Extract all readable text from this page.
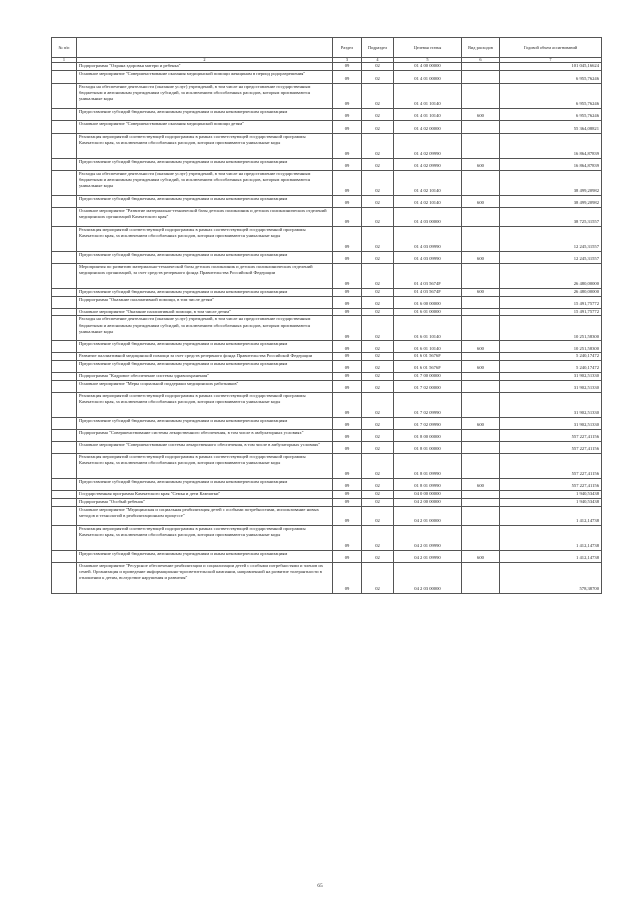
№ п/п		Раздел	Подраздел	Целевая статья	Вид расходов	Годовой объем ассигнований
1	2	3	4	5	6	7
	Подпрограмма "Охрана здоровья матери и ребенка"	09	02	01 4 00 00000		101 045,16624
	Основное мероприятие "Совершенствование оказания медицинской помощи женщинам в период родоразрешения"	09	02	01 4 01 00000		6 955,76246
	Расходы на обеспечение деятельности (оказание услуг) учреждений, в том числе на предоставление государственным бюджетным и автономным учреждениям субсидий, за исключением обособленных расходов, которым присваиваются уникальные коды	09	02	01 4 01 10140		6 955,76246
	Предоставление субсидий бюджетным, автономным учреждениям и иным некоммерческим организациям	09	02	01 4 01 10140	600	6 955,76246
	Основное мероприятие "Совершенствование оказания медицинской помощи детям"	09	02	01 4 02 00000		55 364,08821
	Реализация мероприятий соответствующей подпрограммы в рамках соответствующей государственной программы Камчатского края, за исключением обособленных расходов, которым присваиваются уникальные коды	09	02	01 4 02 09990		16 864,87839
	Предоставление субсидий бюджетным, автономным учреждениям и иным некоммерческим организациям	09	02	01 4 02 09990	600	16 864,87839
	Расходы на обеспечение деятельности (оказание услуг) учреждений, в том числе на предоставление государственным бюджетным и автономным учреждениям субсидий, за исключением обособленных расходов, которым присваиваются уникальные коды	09	02	01 4 02 10140		38 499,20982
	Предоставление субсидий бюджетным, автономным учреждениям и иным некоммерческим организациям	09	02	01 4 02 10140	600	38 499,20982
	Основное мероприятие "Развитие материально-технической базы детских поликлиник и детских поликлинических отделений медицинских организаций Камчатского края"	09	02	01 4 03 00000		38 725,31557
	Реализация мероприятий соответствующей подпрограммы в рамках соответствующей государственной программы Камчатского края, за исключением обособленных расходов, которым присваиваются уникальные коды	09	02	01 4 03 09990		12 245,31557
	Предоставление субсидий бюджетным, автономным учреждениям и иным некоммерческим организациям	09	02	01 4 03 09990	600	12 245,31557
	Мероприятия по развитию материально-технической базы детских поликлиник и детских поликлинических отделений медицинских организаций, за счет средств резервного фонда Правительства Российской Федерации	09	02	01 4 03 5674F		26 480,00000
	Предоставление субсидий бюджетным, автономным учреждениям и иным некоммерческим организациям	09	02	01 4 03 5674F	600	26 480,00000
	Подпрограмма "Оказание паллиативной помощи, в том числе детям"	09	02	01 6 00 00000		15 491,75772
	Основное мероприятие "Оказание паллиативной помощи, в том числе детям"	09	02	01 6 01 00000		15 491,75772
	Расходы на обеспечение деятельности (оказание услуг) учреждений, в том числе на предоставление государственным бюджетным и автономным учреждениям субсидий, за исключением обособленных расходов, которым присваиваются уникальные коды	09	02	01 6 01 10140		10 251,58300
	Предоставление субсидий бюджетным, автономным учреждениям и иным некоммерческим организациям	09	02	01 6 01 10140	600	10 251,58300
	Развитие паллиативной медицинской помощи за счет средств резервного фонда Правительства Российской Федерации	09	02	01 6 01 5676F		5 240,17472
	Предоставление субсидий бюджетным, автономным учреждениям и иным некоммерческим организациям	09	02	01 6 01 5676F	600	5 240,17472
	Подпрограмма "Кадровое обеспечение системы здравоохранения"	09	02	01 7 00 00000		31 902,51330
	Основное мероприятие "Меры социальной поддержки медицинских работников"	09	02	01 7 02 00000		31 902,51330
	Реализация мероприятий соответствующей подпрограммы в рамках соответствующей государственной программы Камчатского края, за исключением обособленных расходов, которым присваиваются уникальные коды	09	02	01 7 02 09990		31 902,51330
	Предоставление субсидий бюджетным, автономным учреждениям и иным некоммерческим организациям	09	02	01 7 02 09990	600	31 902,51330
	Подпрограмма "Совершенствование системы лекарственного обеспечения, в том числе в амбулаторных условиях"	09	02	01 8 00 00000		557 227,41156
	Основное мероприятие "Совершенствование системы лекарственного обеспечения, в том числе в амбулаторных условиях"	09	02	01 8 01 00000		557 227,41156
	Реализация мероприятий соответствующей подпрограммы в рамках соответствующей государственной программы Камчатского края, за исключением обособленных расходов, которым присваиваются уникальные коды	09	02	01 8 01 09990		557 227,41156
	Предоставление субсидий бюджетным, автономным учреждениям и иным некоммерческим организациям	09	02	01 8 01 09990	600	557 227,41156
	Государственная программа Камчатского края "Семья и дети Камчатки"	09	02	04 0 00 00000		1 940,53438
	Подпрограмма "Особый ребенок"	09	02	04 2 00 00000		1 940,53438
	Основное мероприятие "Медицинская и социальная реабилитация детей с особыми потребностями, использование новых методов и технологий в реабилитационном процессе"	09	02	04 2 01 00000		1 412,14738
	Реализация мероприятий соответствующей подпрограммы в рамках соответствующей государственной программы Камчатского края, за исключением обособленных расходов, которым присваиваются уникальные коды	09	02	04 2 01 09990		1 412,14738
	Предоставление субсидий бюджетным, автономным учреждениям и иным некоммерческим организациям	09	02	04 2 01 09990	600	1 412,14738
	Основное мероприятие "Ресурсное обеспечение реабилитации и социализации детей с особыми потребностями и членов их семей. Организация и проведение информационно-просветительской кампании, направленной на развитие толерантности в отношении к детям, вследствие нарушения и развития"	09	02	04 2 03 00000		578,38700
65
